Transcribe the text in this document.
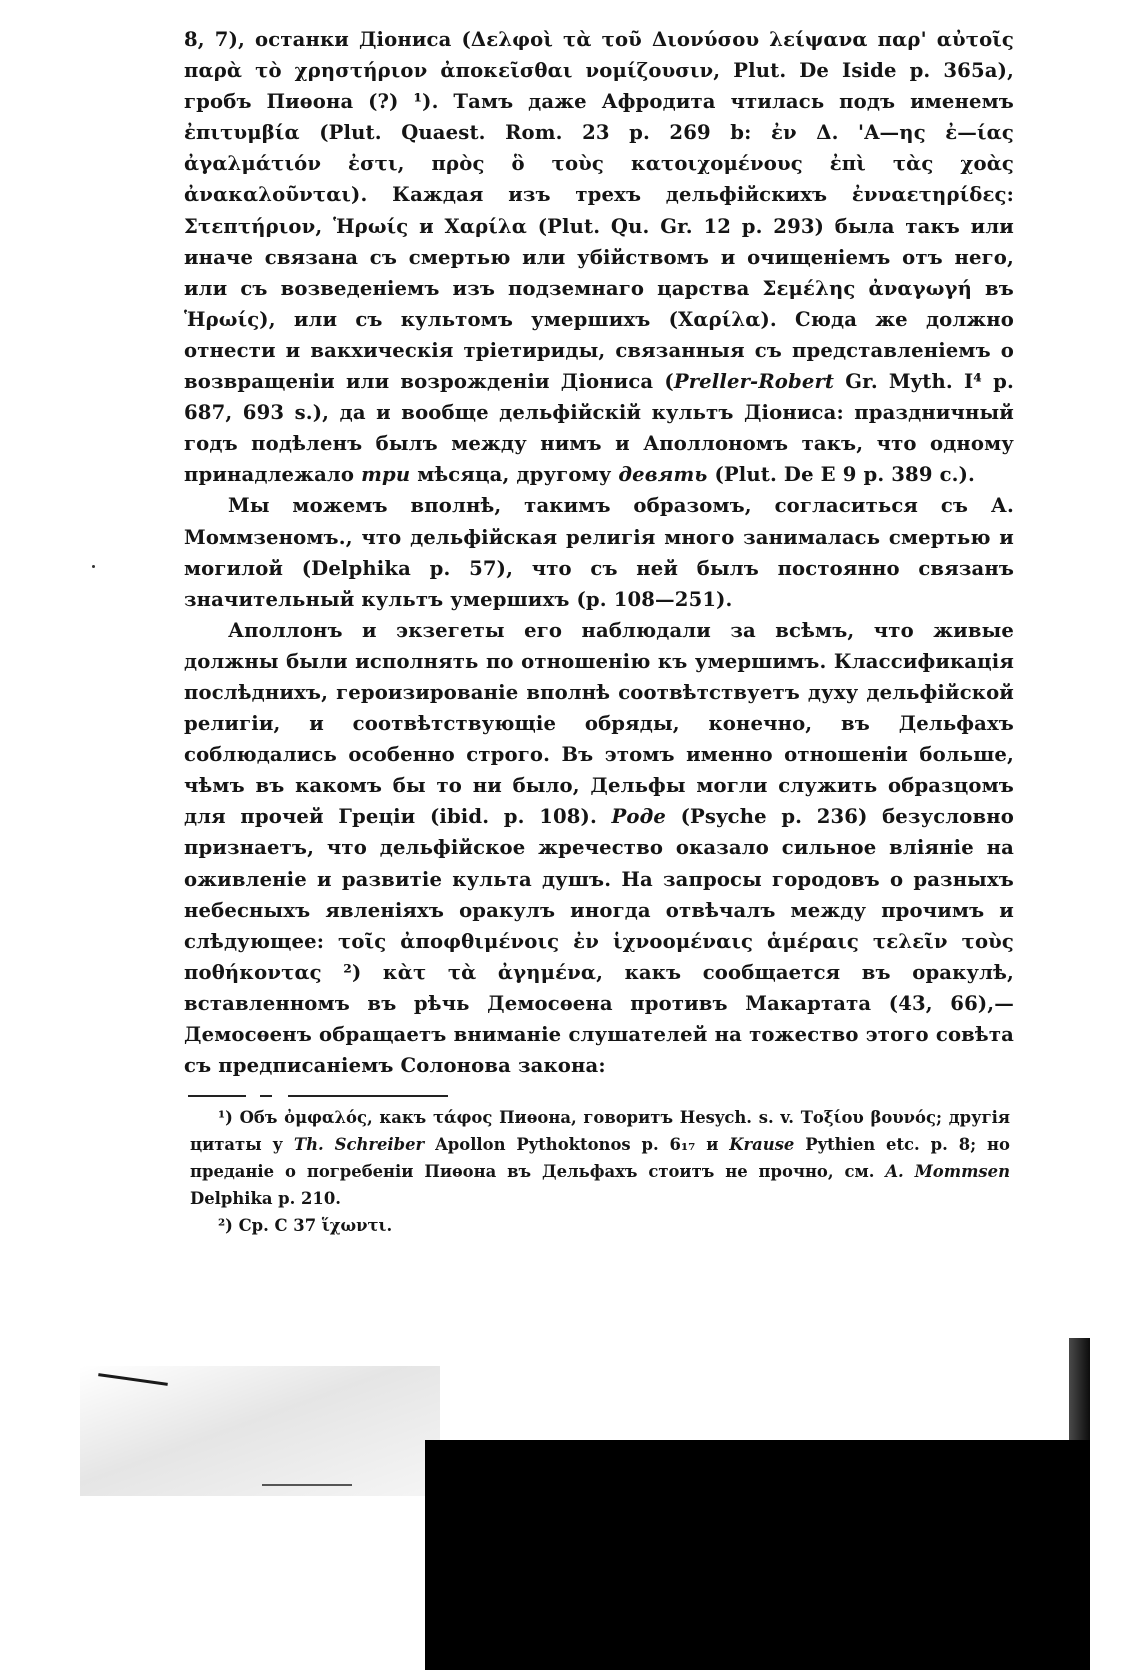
8, 7), останки Діониса (Δελφοὶ τὰ τοῦ Διονύσου λείψανα παρ' αὐτοῖς παρὰ τὸ χρηστήριον ἀποκεῖσθαι νομίζουσιν, Plut. De Iside p. 365a), гробъ Пиѳона (?) ¹). Тамъ даже Афродита чтилась подъ именемъ ἐπιτυμβία (Plut. Quaest. Rom. 23 p. 269 b: ἐν Δ. 'Α—ης ἐ—ίας ἀγαλμάτιόν ἐστι, πρὸς ὃ τοὺς κατοιχομένους ἐπὶ τὰς χοὰς ἀνακαλοῦνται). Каждая изъ трехъ дельфійскихъ ἐνναετηρίδες: Στεπτήριον, Ἡρωίς и Χαρίλα (Plut. Qu. Gr. 12 p. 293) была такъ или иначе связана съ смертью или убійствомъ и очищеніемъ отъ него, или съ возведеніемъ изъ подземнаго царства Σεμέλης ἀναγωγή въ Ἡρωίς), или съ культомъ умершихъ (Χαρίλα). Сюда же должно отнести и вакхическія тріетириды, связанныя съ представленіемъ о возвращеніи или возрожденіи Діониса (Preller-Robert Gr. Myth. I⁴ p. 687, 693 s.), да и вообще дельфійскій культъ Діониса: праздничный годъ подѣленъ былъ между нимъ и Аполлономъ такъ, что одному принадлежало три мѣсяца, другому девять (Plut. De E 9 p. 389 c.).

Мы можемъ вполнѣ, такимъ образомъ, согласиться съ А. Моммзеномъ., что дельфійская религія много занималась смертью и могилой (Delphika p. 57), что съ ней былъ постоянно связанъ значительный культъ умершихъ (p. 108—251).

Аполлонъ и экзегеты его наблюдали за всѣмъ, что живые должны были исполнять по отношенію къ умершимъ. Классификація послѣднихъ, героизированіе вполнѣ соотвѣтствуетъ духу дельфійской религіи, и соотвѣтствующіе обряды, конечно, въ Дельфахъ соблюдались особенно строго. Въ этомъ именно отношеніи больше, чѣмъ въ какомъ бы то ни было, Дельфы могли служить образцомъ для прочей Греціи (ibid. p. 108). Роде (Psyche p. 236) безусловно признаетъ, что дельфійское жречество оказало сильное вліяніе на оживленіе и развитіе культа душъ. На запросы городовъ о разныхъ небесныхъ явленіяхъ оракулъ иногда отвѣчалъ между прочимъ и слѣдующее: τοῖς ἀποφθιμένοις ἐν ἱχνοομέναις ἁμέραις τελεῖν τοὺς ποθήκοντας ²) κὰτ τὰ ἀγημένα, какъ сообщается въ оракулѣ, вставленномъ въ рѣчь Демосѳена противъ Макартата (43, 66),—Демосѳенъ обращаетъ вниманіе слушателей на тожество этого совѣта съ предписаніемъ Солонова закона:

¹) Объ ὀμφαλός, какъ τάφος Пиѳона, говоритъ Hesych. s. v. Τοξίου βουνός; другія цитаты у Th. Schreiber Apollon Pythoktonos p. 6₁₇ и Krause Pythien etc. p. 8; но преданіе о погребеніи Пиѳона въ Дельфахъ стоитъ не прочно, см. A. Mommsen Delphika p. 210.

²) Ср. C 37 ἵχωντι.
